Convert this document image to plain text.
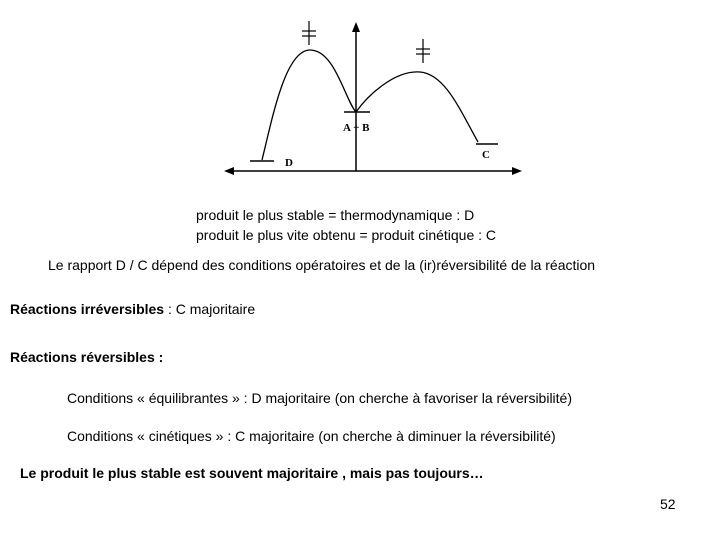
A + B
D
C
produit le plus stable = thermodynamique : D
produit le plus vite obtenu = produit cinétique : C
Le rapport D / C dépend des conditions opératoires et de la (ir)réversibilité de la réaction
Réactions irréversibles : C majoritaire
Réactions réversibles :
Conditions « équilibrantes » : D majoritaire (on cherche à favoriser la réversibilité)
Conditions « cinétiques » : C majoritaire (on cherche à diminuer la réversibilité)
Le produit le plus stable est souvent majoritaire , mais pas toujours…
52
